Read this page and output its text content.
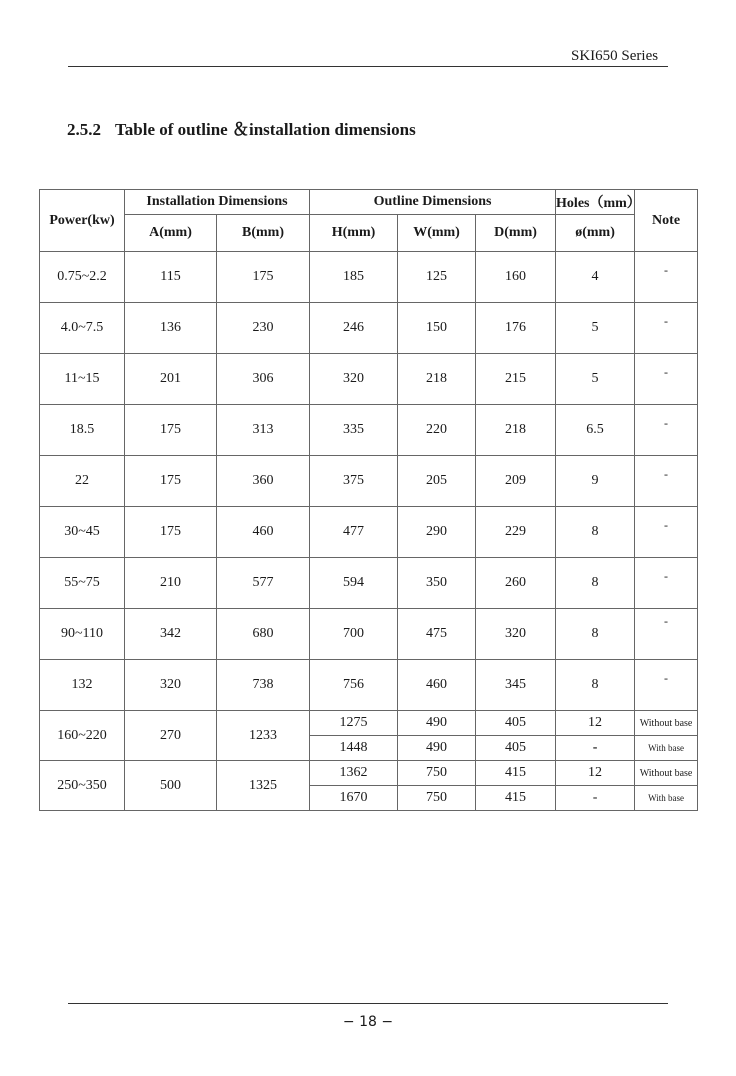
SKI650 Series
2.5.2 Table of outline ＆installation dimensions
Power(kw)	Installation Dimensions		Outline Dimensions			Holes（mm）	Note
	A(mm)	B(mm)	H(mm)	W(mm)	D(mm)	ø(mm)	
0.75~2.2	115	175	185	125	160	4	-
4.0~7.5	136	230	246	150	176	5	-
11~15	201	306	320	218	215	5	-
18.5	175	313	335	220	218	6.5	-
22	175	360	375	205	209	9	-
30~45	175	460	477	290	229	8	-
55~75	210	577	594	350	260	8	-
90~110	342	680	700	475	320	8	-
132	320	738	756	460	345	8	-
160~220	270	1233	1275	490	405	12	Without base
			1448	490	405	-	With base
250~350	500	1325	1362	750	415	12	Without base
			1670	750	415	-	With base
− 18 −
